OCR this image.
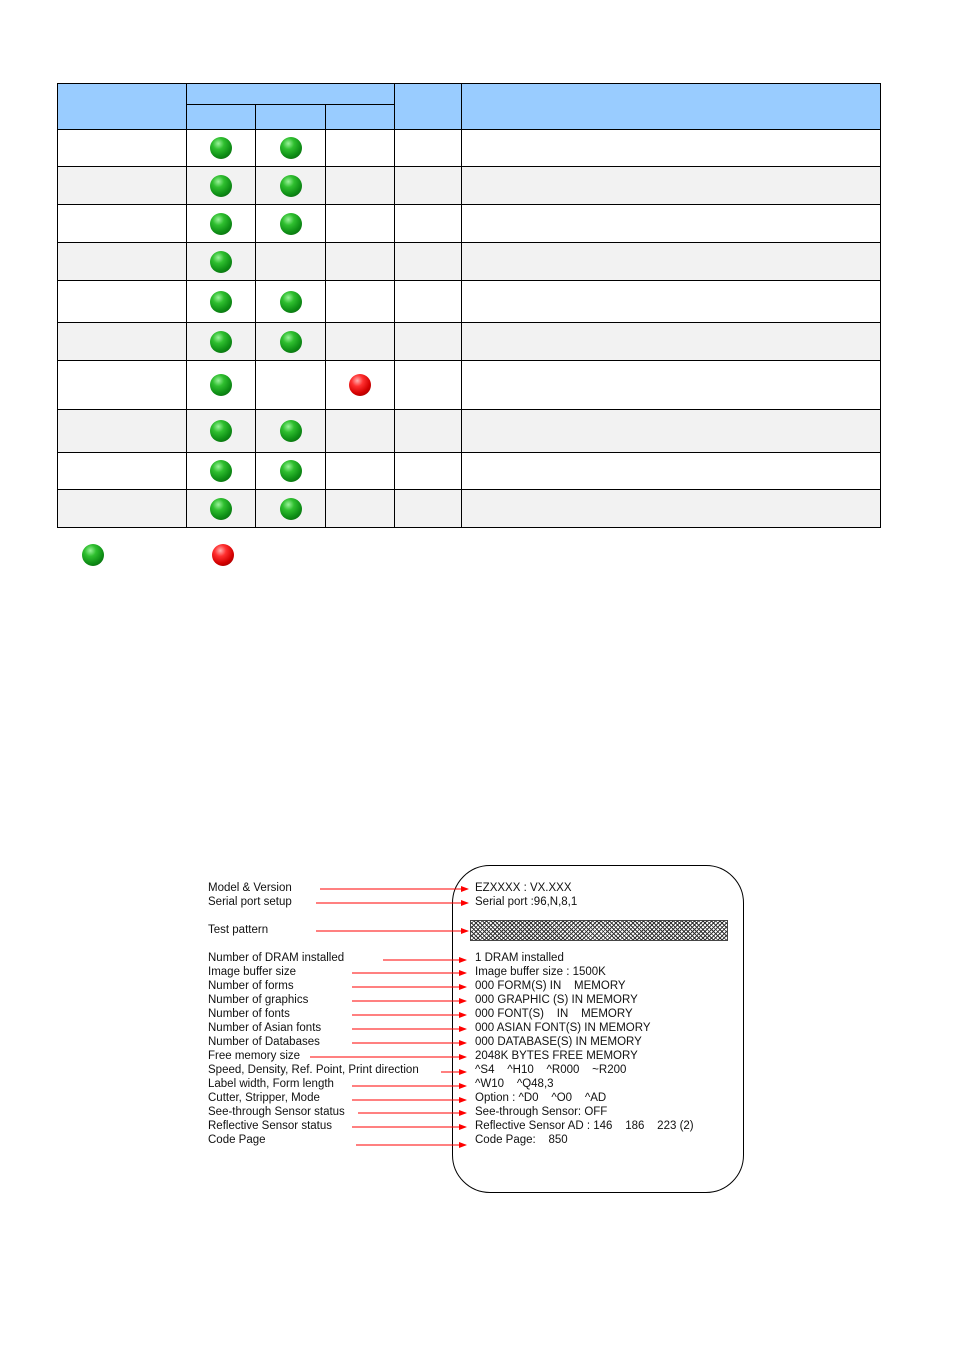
Model & Version
Serial port setup
Test pattern
Number of DRAM installed
Image buffer size
Number of forms
Number of graphics
Number of fonts
Number of Asian fonts
Number of Databases
Free memory size
Speed, Density, Ref. Point, Print direction
Label width, Form length
Cutter, Stripper, Mode
See-through Sensor status
Reflective Sensor status
Code Page
EZXXXX : VX.XXX
Serial port :96,N,8,1
1 DRAM installed
Image buffer size : 1500K
000 FORM(S) IN    MEMORY
000 GRAPHIC (S) IN MEMORY
000 FONT(S)    IN    MEMORY
000 ASIAN FONT(S) IN MEMORY
000 DATABASE(S) IN MEMORY
2048K BYTES FREE MEMORY
^S4    ^H10    ^R000    ~R200
^W10    ^Q48,3
Option : ^D0    ^O0    ^AD
See-through Sensor: OFF
Reflective Sensor AD : 146    186    223 (2)
Code Page:    850
